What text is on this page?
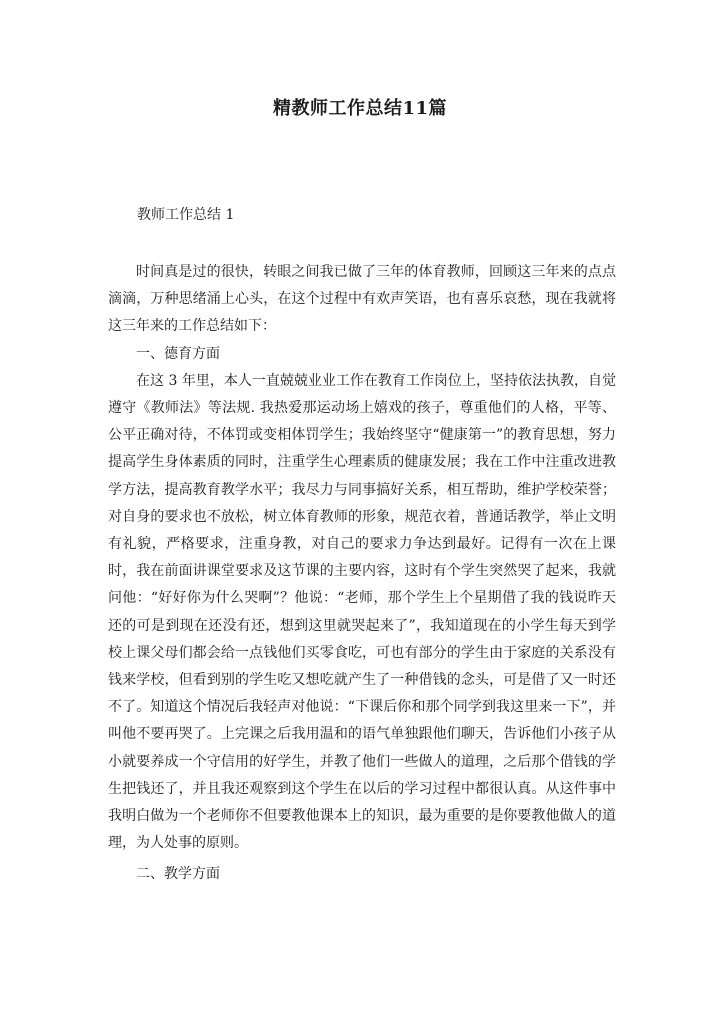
精教师工作总结11篇
教师工作总结 1

时间真是过的很快，转眼之间我已做了三年的体育教师，回顾这三年来的点点滴滴，万种思绪涌上心头，在这个过程中有欢声笑语，也有喜乐哀愁，现在我就将这三年来的工作总结如下：

一、德育方面

在这 3 年里，本人一直兢兢业业工作在教育工作岗位上，坚持依法执教，自觉遵守《教师法》等法规. 我热爱那运动场上嬉戏的孩子，尊重他们的人格，平等、公平正确对待，不体罚或变相体罚学生；我始终坚守“健康第一”的教育思想，努力提高学生身体素质的同时，注重学生心理素质的健康发展；我在工作中注重改进教学方法，提高教育教学水平；我尽力与同事搞好关系，相互帮助，维护学校荣誉；对自身的要求也不放松，树立体育教师的形象，规范衣着，普通话教学，举止文明有礼貌，严格要求，注重身教，对自己的要求力争达到最好。记得有一次在上课时，我在前面讲课堂要求及这节课的主要内容，这时有个学生突然哭了起来，我就问他：“好好你为什么哭啊”？他说：“老师，那个学生上个星期借了我的钱说昨天还的可是到现在还没有还，想到这里就哭起来了”，我知道现在的小学生每天到学校上课父母们都会给一点钱他们买零食吃，可也有部分的学生由于家庭的关系没有钱来学校，但看到别的学生吃又想吃就产生了一种借钱的念头，可是借了又一时还不了。知道这个情况后我轻声对他说：“下课后你和那个同学到我这里来一下”，并叫他不要再哭了。上完课之后我用温和的语气单独跟他们聊天，告诉他们小孩子从小就要养成一个守信用的好学生，并教了他们一些做人的道理，之后那个借钱的学生把钱还了，并且我还观察到这个学生在以后的学习过程中都很认真。从这件事中我明白做为一个老师你不但要教他课本上的知识，最为重要的是你要教他做人的道理，为人处事的原则。

二、教学方面
